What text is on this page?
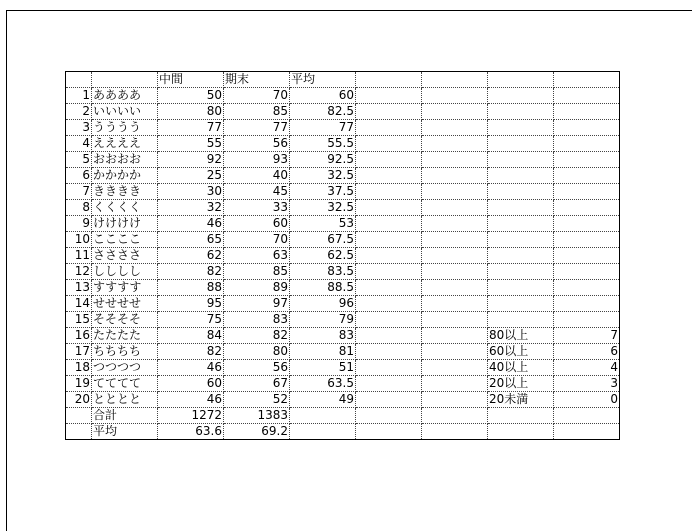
		中間	期末	平均				
1	ああああ	50	70	60				
2	いいいい	80	85	82.5				
3	うううう	77	77	77				
4	ええええ	55	56	55.5				
5	おおおお	92	93	92.5				
6	かかかか	25	40	32.5				
7	きききき	30	45	37.5				
8	くくくく	32	33	32.5				
9	けけけけ	46	60	53				
10	ここここ	65	70	67.5				
11	ささささ	62	63	62.5				
12	しししし	82	85	83.5				
13	すすすす	88	89	88.5				
14	せせせせ	95	97	96				
15	そそそそ	75	83	79				
16	たたたた	84	82	83			80以上	7
17	ちちちち	82	80	81			60以上	6
18	つつつつ	46	56	51			40以上	4
19	てててて	60	67	63.5			20以上	3
20	とととと	46	52	49			20未満	0
	合計	1272	1383					
	平均	63.6	69.2					
